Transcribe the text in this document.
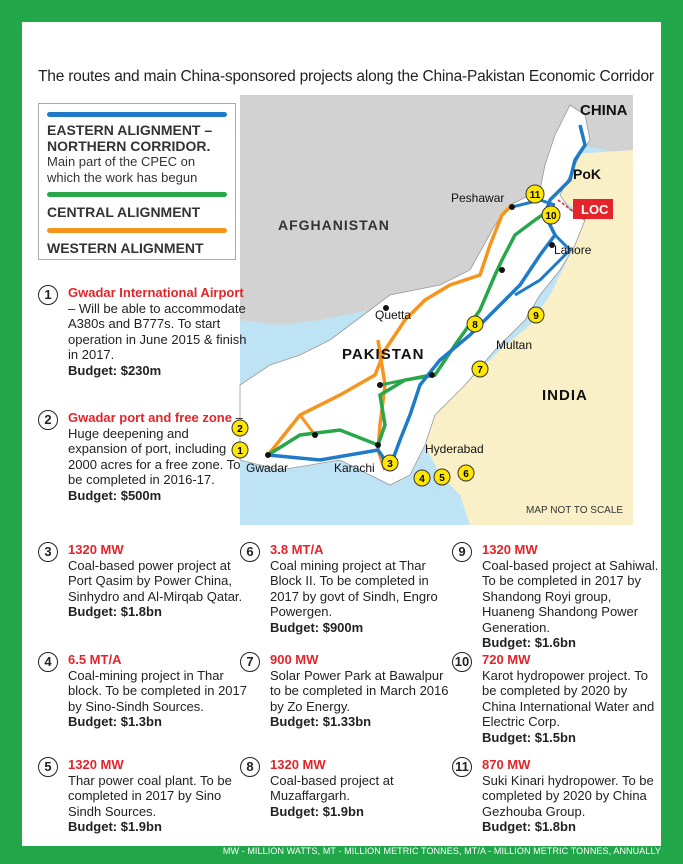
The routes and main China-sponsored projects along the China-Pakistan Economic Corridor
CHINA
AFGHANISTAN
PAKISTAN
INDIA
PoK
LOC
Peshawar
Lahore
Quetta
Multan
Hyderabad
Karachi
Gwadar
MAP NOT TO SCALE
1
2
3
4 5 6
7
8
9
10
11
EASTERN ALIGNMENT –
NORTHERN CORRIDOR.
Main part of the CPEC on
which the work has begun
CENTRAL ALIGNMENT
WESTERN ALIGNMENT
1	Gwadar International Airport – Will be able to accommodate A380s and B777s. To start operation in June 2015 & finish in 2017.
Budget: $230m
2	Gwadar port and free zone – Huge deepening and expansion of port, including 2000 acres for a free zone. To be completed in 2016-17.
Budget: $500m
3	1320 MW
Coal-based power project at Port Qasim by Power China, Sinhydro and Al-Mirqab Qatar.
Budget: $1.8bn
4	6.5 MT/A
Coal-mining project in Thar block. To be completed in 2017 by Sino-Sindh Sources.
Budget: $1.3bn
5	1320 MW
Thar power coal plant. To be completed in 2017 by Sino Sindh Sources.
Budget: $1.9bn
6	3.8 MT/A
Coal mining project at Thar Block II. To be completed in 2017 by govt of Sindh, Engro Powergen.
Budget: $900m
7	900 MW
Solar Power Park at Bawalpur to be completed in March 2016 by Zo Energy.
Budget: $1.33bn
8	1320 MW
Coal-based project at Muzaffargarh.
Budget: $1.9bn
9	1320 MW
Coal-based project at Sahiwal. To be completed in 2017 by Shandong Royi group, Huaneng Shandong Power Generation.
Budget: $1.6bn
10 720 MW
Karot hydropower project. To be completed by 2020 by China International Water and Electric Corp.
Budget: $1.5bn
11 870 MW
Suki Kinari hydropower. To be completed by 2020 by China Gezhouba Group.
Budget: $1.8bn
MW - MILLION WATTS, MT - MILLION METRIC TONNES, MT/A - MILLION METRIC TONNES, ANNUALLY
